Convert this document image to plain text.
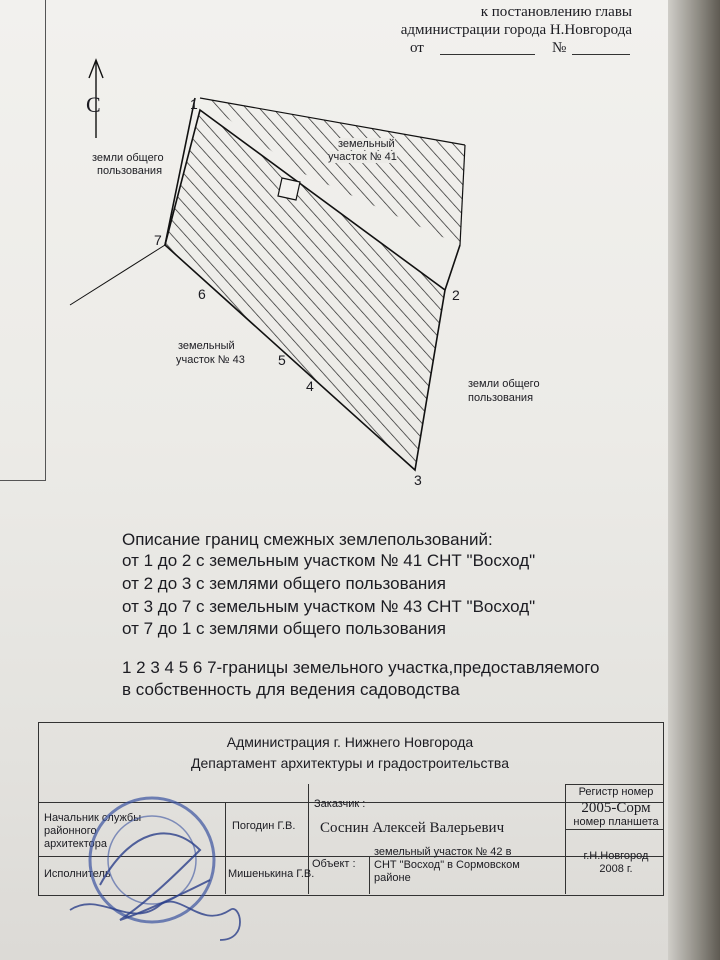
к постановлению главы
администрации города Н.Новгорода
от	№
С
земли общего
пользования
земельный
участок № 41
земельный
участок № 43
земли общего
пользования
1
2
3
4
5
6
7
Описание границ смежных землепользований:
от 1 до 2 с земельным участком № 41 СНТ "Восход"
от 2 до 3 с землями общего пользования
от 3 до 7 с земельным участком № 43 СНТ "Восход"
от 7 до 1 с землями общего пользования
1 2 3 4 5 6 7-границы земельного участка,предоставляемого
в собственность для ведения садоводства
Администрация г. Нижнего Новгорода
Департамент архитектуры и градостроительства
Начальник службы районного архитектора
Погодин Г.В.
Заказчик :
Соснин Алексей Валерьевич
Регистр номер
2005-Сорм
номер планшета
Исполнитель	Мишенькина Г.В.
Объект :
земельный участок № 42 в СНТ "Восход" в Сормовском районе
г.Н.Новгород
2008 г.
